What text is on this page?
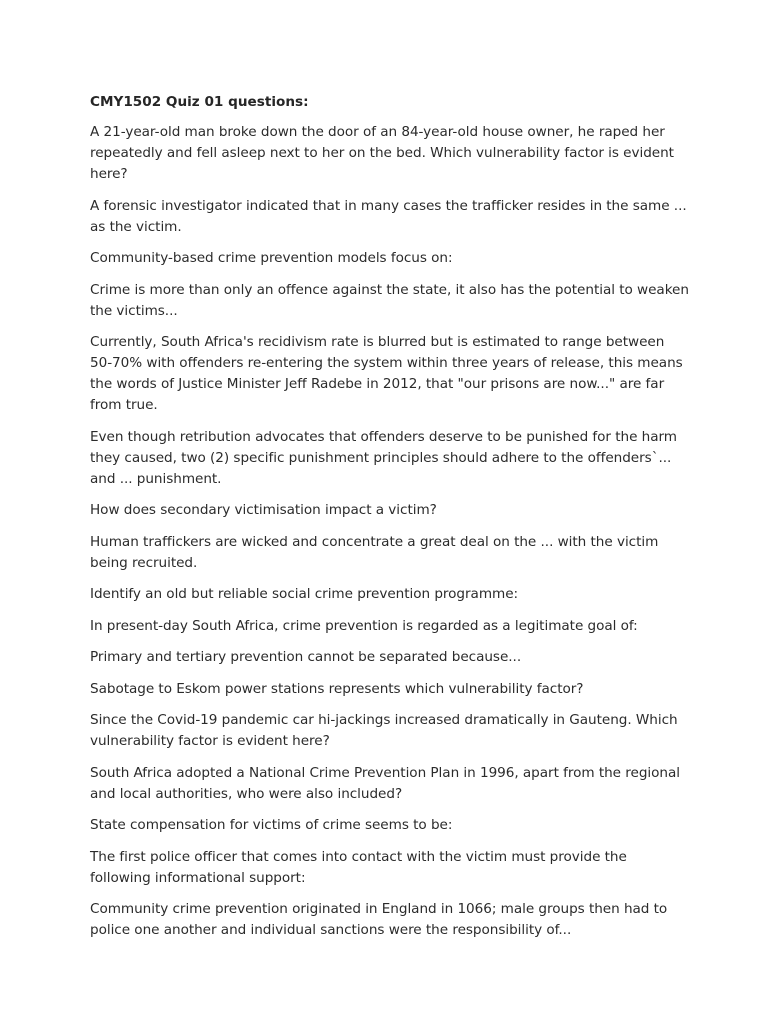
CMY1502 Quiz 01 questions:

A 21-year-old man broke down the door of an 84-year-old house owner, he raped her repeatedly and fell asleep next to her on the bed. Which vulnerability factor is evident here?

A forensic investigator indicated that in many cases the trafficker resides in the same ... as the victim.

Community-based crime prevention models focus on:

Crime is more than only an offence against the state, it also has the potential to weaken the victims...

Currently, South Africa's recidivism rate is blurred but is estimated to range between 50-70% with offenders re-entering the system within three years of release, this means the words of Justice Minister Jeff Radebe in 2012, that "our prisons are now..." are far from true.

Even though retribution advocates that offenders deserve to be punished for the harm they caused, two (2) specific punishment principles should adhere to the offenders`... and ... punishment.

How does secondary victimisation impact a victim?

Human traffickers are wicked and concentrate a great deal on the ... with the victim being recruited.

Identify an old but reliable social crime prevention programme:

In present-day South Africa, crime prevention is regarded as a legitimate goal of:

Primary and tertiary prevention cannot be separated because...

Sabotage to Eskom power stations represents which vulnerability factor?

Since the Covid-19 pandemic car hi-jackings increased dramatically in Gauteng. Which vulnerability factor is evident here?

South Africa adopted a National Crime Prevention Plan in 1996, apart from the regional and local authorities, who were also included?

State compensation for victims of crime seems to be:

The first police officer that comes into contact with the victim must provide the following informational support:

Community crime prevention originated in England in 1066; male groups then had to police one another and individual sanctions were the responsibility of...
